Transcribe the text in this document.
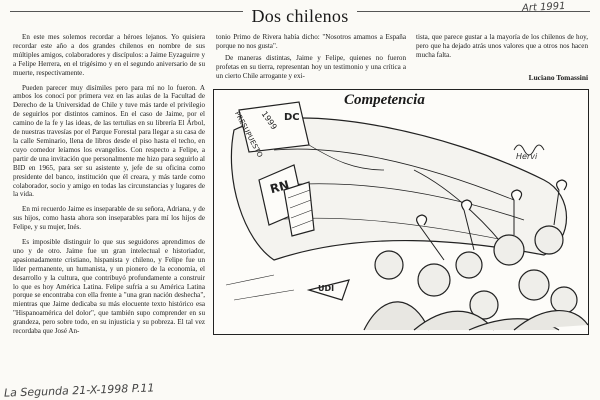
Dos chilenos	Art 1991

En este mes solemos recordar a héroes lejanos. Yo quisiera recordar este año a dos grandes chilenos en nombre de sus múltiples amigos, colaboradores y discípulos: a Jaime Eyzaguirre y a Felipe Herrera, en el trigésimo y en el segundo aniversario de su muerte, respectivamente.

Pueden parecer muy disímiles pero para mí no lo fueron. A ambos los conocí por primera vez en las aulas de la Facultad de Derecho de la Universidad de Chile y tuve más tarde el privilegio de seguirlos por distintos caminos. En el caso de Jaime, por el camino de la fe y las ideas, de las tertulias en su librería El Árbol, de nuestras travesías por el Parque Forestal para llegar a su casa de la calle Seminario, llena de libros desde el piso hasta el techo, en cuyo comedor leíamos los evangelios. Con respecto a Felipe, a partir de una invitación que personalmente me hizo para seguirlo al BID en 1965, para ser su asistente y, jefe de su oficina como presidente del banco, institución que él creara, y más tarde como colaborador, socio y amigo en todas las circunstancias y lugares de la vida.

En mi recuerdo Jaime es inseparable de su señora, Adriana, y de sus hijos, como hasta ahora son inseparables para mí los hijos de Felipe, y su mujer, Inés.

Es imposible distinguir lo que sus seguidores aprendimos de uno y de otro. Jaime fue un gran intelectual e historiador, apasionadamente cristiano, hispanista y chileno, y Felipe fue un líder permanente, un humanista, y un pionero de la economía, el desarrollo y la cultura, que contribuyó profundamente a construir lo que es hoy América Latina. Felipe sufría a su América Latina porque se encontraba con ella frente a "una gran nación deshecha", mientras que Jaime dedicaba su más elocuente texto histórico esa "Hispanoamérica del dolor", que también supo comprender en su grandeza, pero sobre todo, en su injusticia y su pobreza. El tal vez recordaba que José An-

tonio Primo de Rivera había dicho: "Nosotros amamos a España porque no nos gusta".

De maneras distintas, Jaime y Felipe, quienes no fueron profetas en su tierra, representan hoy un testimonio y una crítica a un cierto Chile arrogante y exi-

tista, que parece gustar a la mayoría de los chilenos de hoy, pero que ha dejado atrás unos valores que a otros nos hacen mucha falta.

Luciano Tomassini
Competencia
PRESUPUESTO
1999 DC
RN
UDI
Hervi
La Segunda 21-X-1998 P.11
